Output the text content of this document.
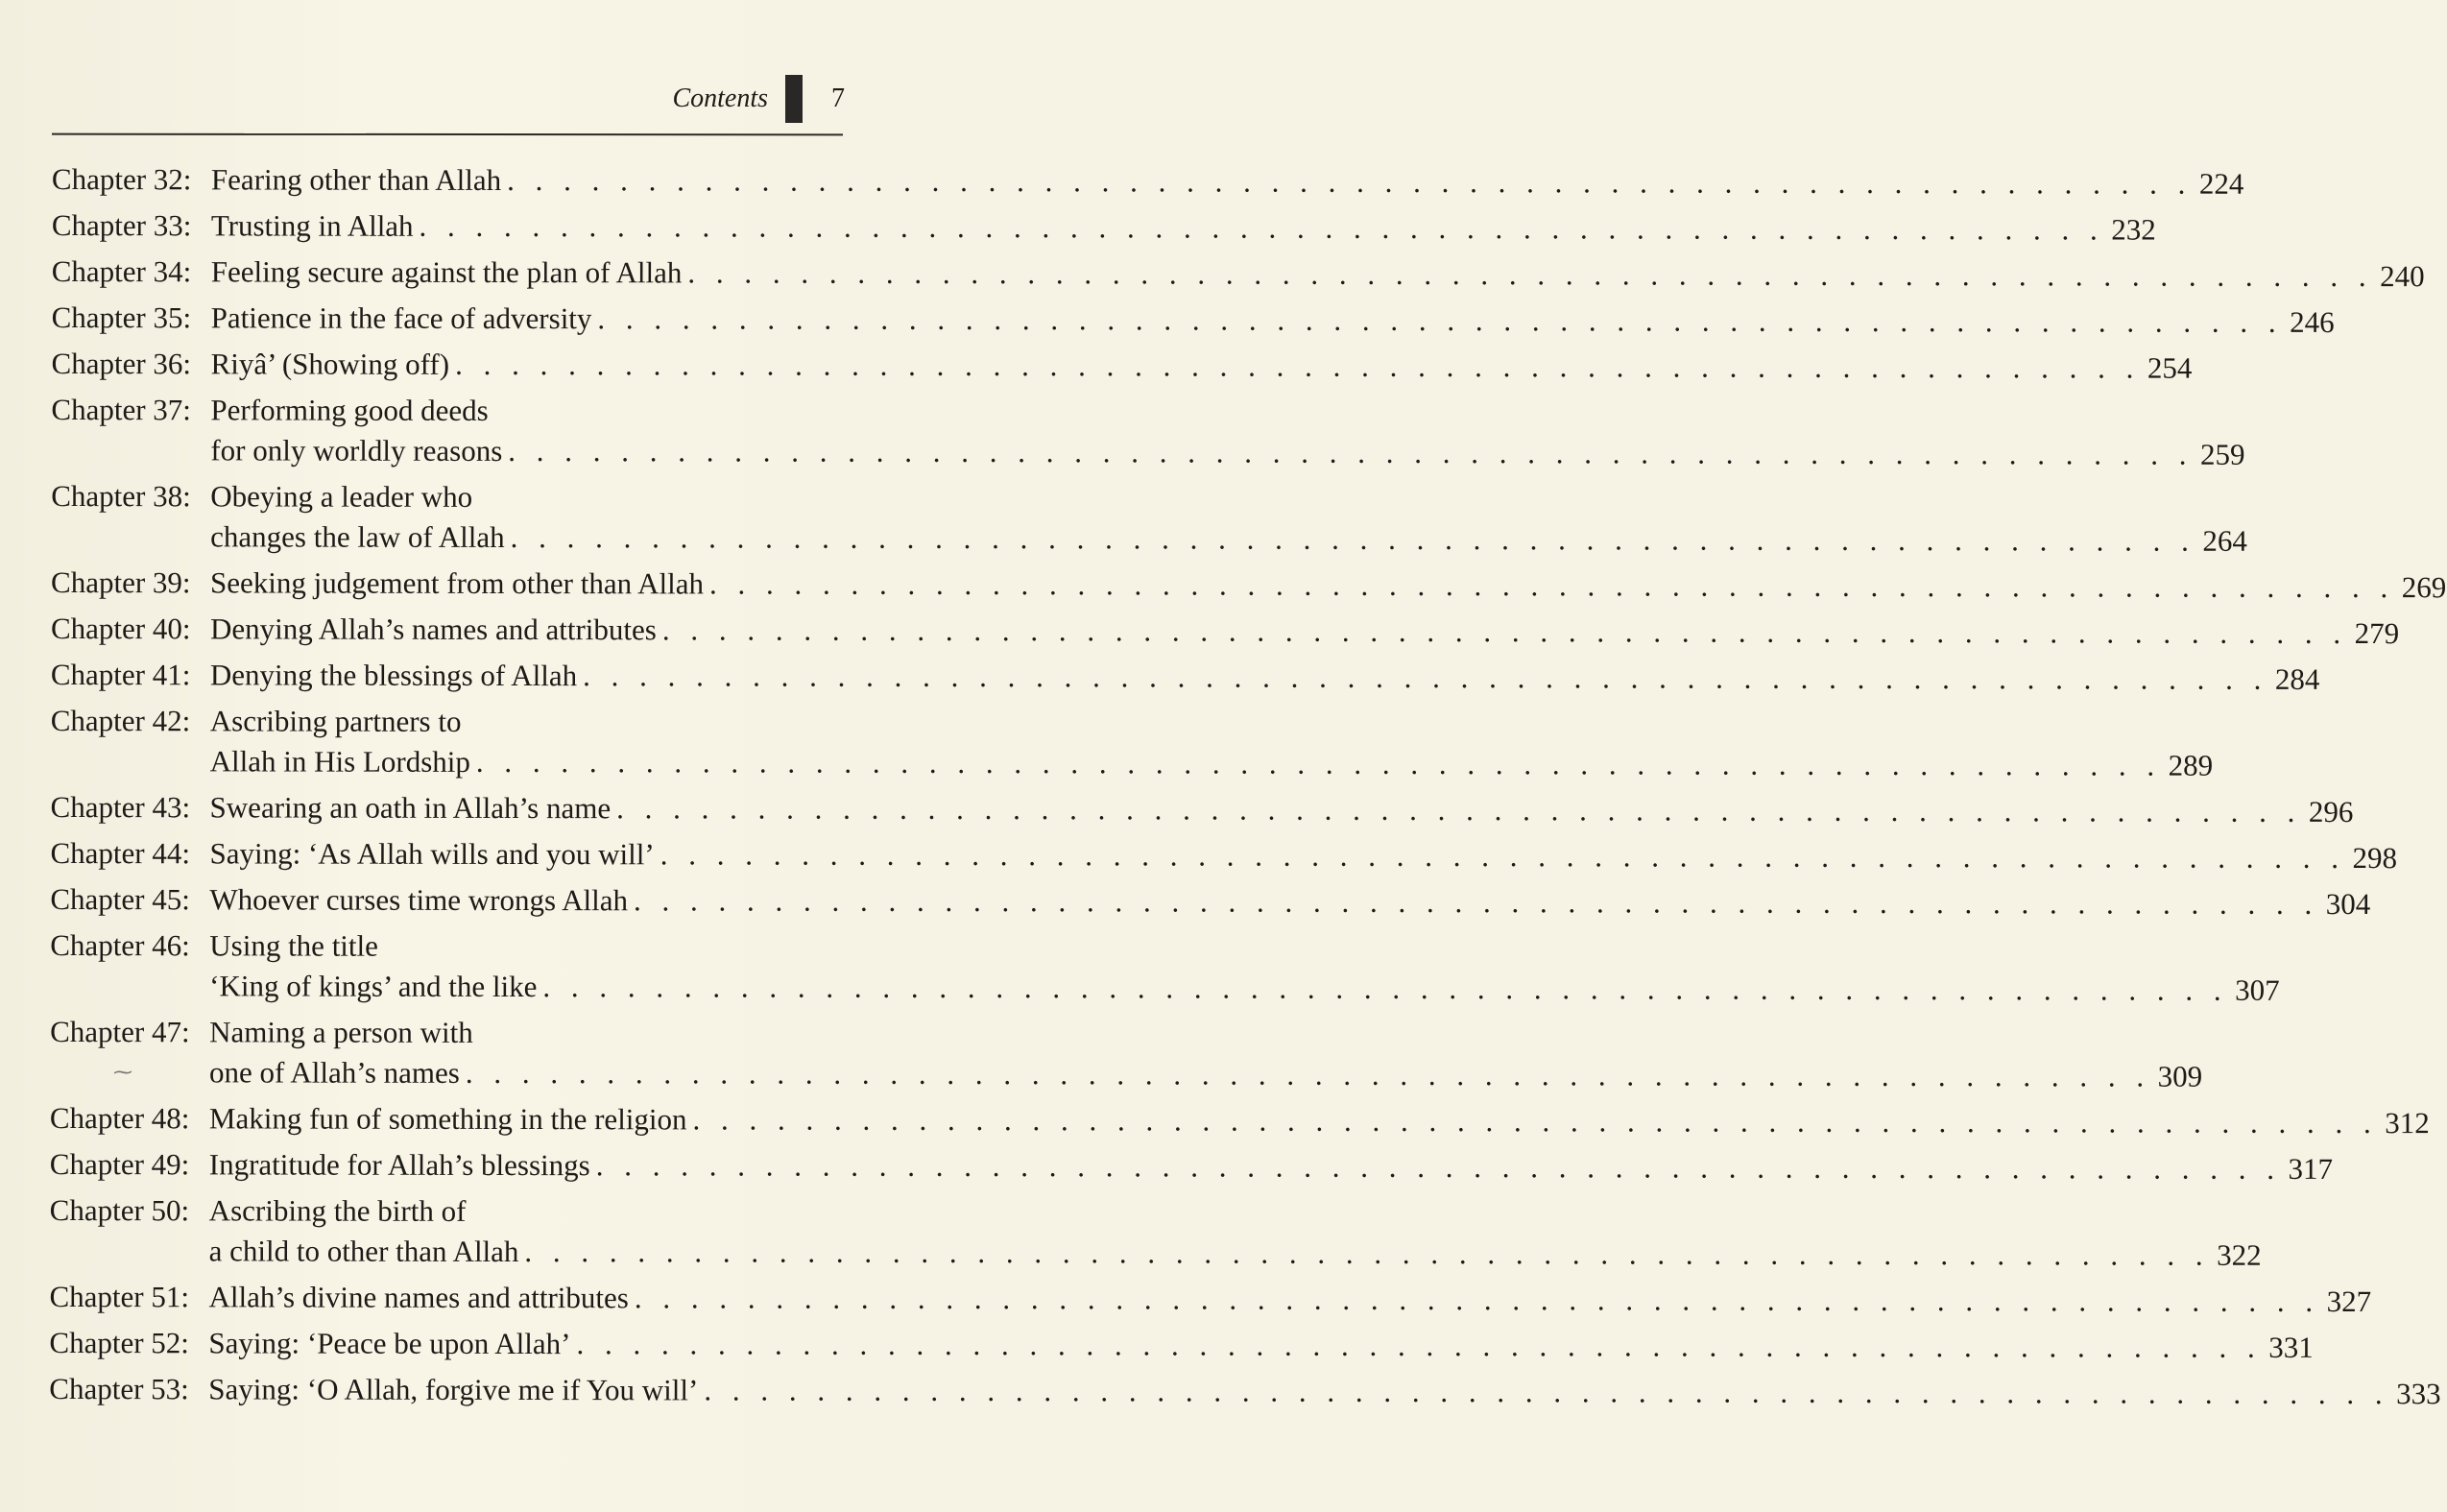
Contents 7
Chapter 32: Fearing other than Allah . . . . . . . . . . . . . . . . . . . . . . . . . . . . . . . . . . . . . . . . . . . . . . . . . . . . . . . . . . . . 224
Chapter 33: Trusting in Allah . . . . . . . . . . . . . . . . . . . . . . . . . . . . . . . . . . . . . . . . . . . . . . . . . . . . . . . . . . . . 232
Chapter 34: Feeling secure against the plan of Allah . . . . . . . . . . . . . . . . . . . . . . . . . . . . . . . . . . . . . . . . . . . . . . . . . . . . . . . . . . . . 240
Chapter 35: Patience in the face of adversity . . . . . . . . . . . . . . . . . . . . . . . . . . . . . . . . . . . . . . . . . . . . . . . . . . . . . . . . . . . . 246
Chapter 36: Riyâ’ (Showing off) . . . . . . . . . . . . . . . . . . . . . . . . . . . . . . . . . . . . . . . . . . . . . . . . . . . . . . . . . . . . 254
Chapter 37: Performing good deeds
for only worldly reasons . . . . . . . . . . . . . . . . . . . . . . . . . . . . . . . . . . . . . . . . . . . . . . . . . . . . . . . . . . . . 259
Chapter 38: Obeying a leader who
changes the law of Allah . . . . . . . . . . . . . . . . . . . . . . . . . . . . . . . . . . . . . . . . . . . . . . . . . . . . . . . . . . . . 264
Chapter 39: Seeking judgement from other than Allah . . . . . . . . . . . . . . . . . . . . . . . . . . . . . . . . . . . . . . . . . . . . . . . . . . . . . . . . . . . . 269
Chapter 40: Denying Allah’s names and attributes . . . . . . . . . . . . . . . . . . . . . . . . . . . . . . . . . . . . . . . . . . . . . . . . . . . . . . . . . . . . 279
Chapter 41: Denying the blessings of Allah . . . . . . . . . . . . . . . . . . . . . . . . . . . . . . . . . . . . . . . . . . . . . . . . . . . . . . . . . . . . 284
Chapter 42: Ascribing partners to
Allah in His Lordship . . . . . . . . . . . . . . . . . . . . . . . . . . . . . . . . . . . . . . . . . . . . . . . . . . . . . . . . . . . . 289
Chapter 43: Swearing an oath in Allah’s name . . . . . . . . . . . . . . . . . . . . . . . . . . . . . . . . . . . . . . . . . . . . . . . . . . . . . . . . . . . . 296
Chapter 44: Saying: ‘As Allah wills and you will’ . . . . . . . . . . . . . . . . . . . . . . . . . . . . . . . . . . . . . . . . . . . . . . . . . . . . . . . . . . . . 298
Chapter 45: Whoever curses time wrongs Allah . . . . . . . . . . . . . . . . . . . . . . . . . . . . . . . . . . . . . . . . . . . . . . . . . . . . . . . . . . . . 304
Chapter 46: Using the title
‘King of kings’ and the like . . . . . . . . . . . . . . . . . . . . . . . . . . . . . . . . . . . . . . . . . . . . . . . . . . . . . . . . . . . . 307
Chapter 47: Naming a person with
one of Allah’s names . . . . . . . . . . . . . . . . . . . . . . . . . . . . . . . . . . . . . . . . . . . . . . . . . . . . . . . . . . . . 309
Chapter 48: Making fun of something in the religion . . . . . . . . . . . . . . . . . . . . . . . . . . . . . . . . . . . . . . . . . . . . . . . . . . . . . . . . . . . . 312
Chapter 49: Ingratitude for Allah’s blessings . . . . . . . . . . . . . . . . . . . . . . . . . . . . . . . . . . . . . . . . . . . . . . . . . . . . . . . . . . . . 317
Chapter 50: Ascribing the birth of
a child to other than Allah . . . . . . . . . . . . . . . . . . . . . . . . . . . . . . . . . . . . . . . . . . . . . . . . . . . . . . . . . . . . 322
Chapter 51: Allah’s divine names and attributes . . . . . . . . . . . . . . . . . . . . . . . . . . . . . . . . . . . . . . . . . . . . . . . . . . . . . . . . . . . . 327
Chapter 52: Saying: ‘Peace be upon Allah’ . . . . . . . . . . . . . . . . . . . . . . . . . . . . . . . . . . . . . . . . . . . . . . . . . . . . . . . . . . . . 331
Chapter 53: Saying: ‘O Allah, forgive me if You will’ . . . . . . . . . . . . . . . . . . . . . . . . . . . . . . . . . . . . . . . . . . . . . . . . . . . . . . . . . . . . 333
⁓
